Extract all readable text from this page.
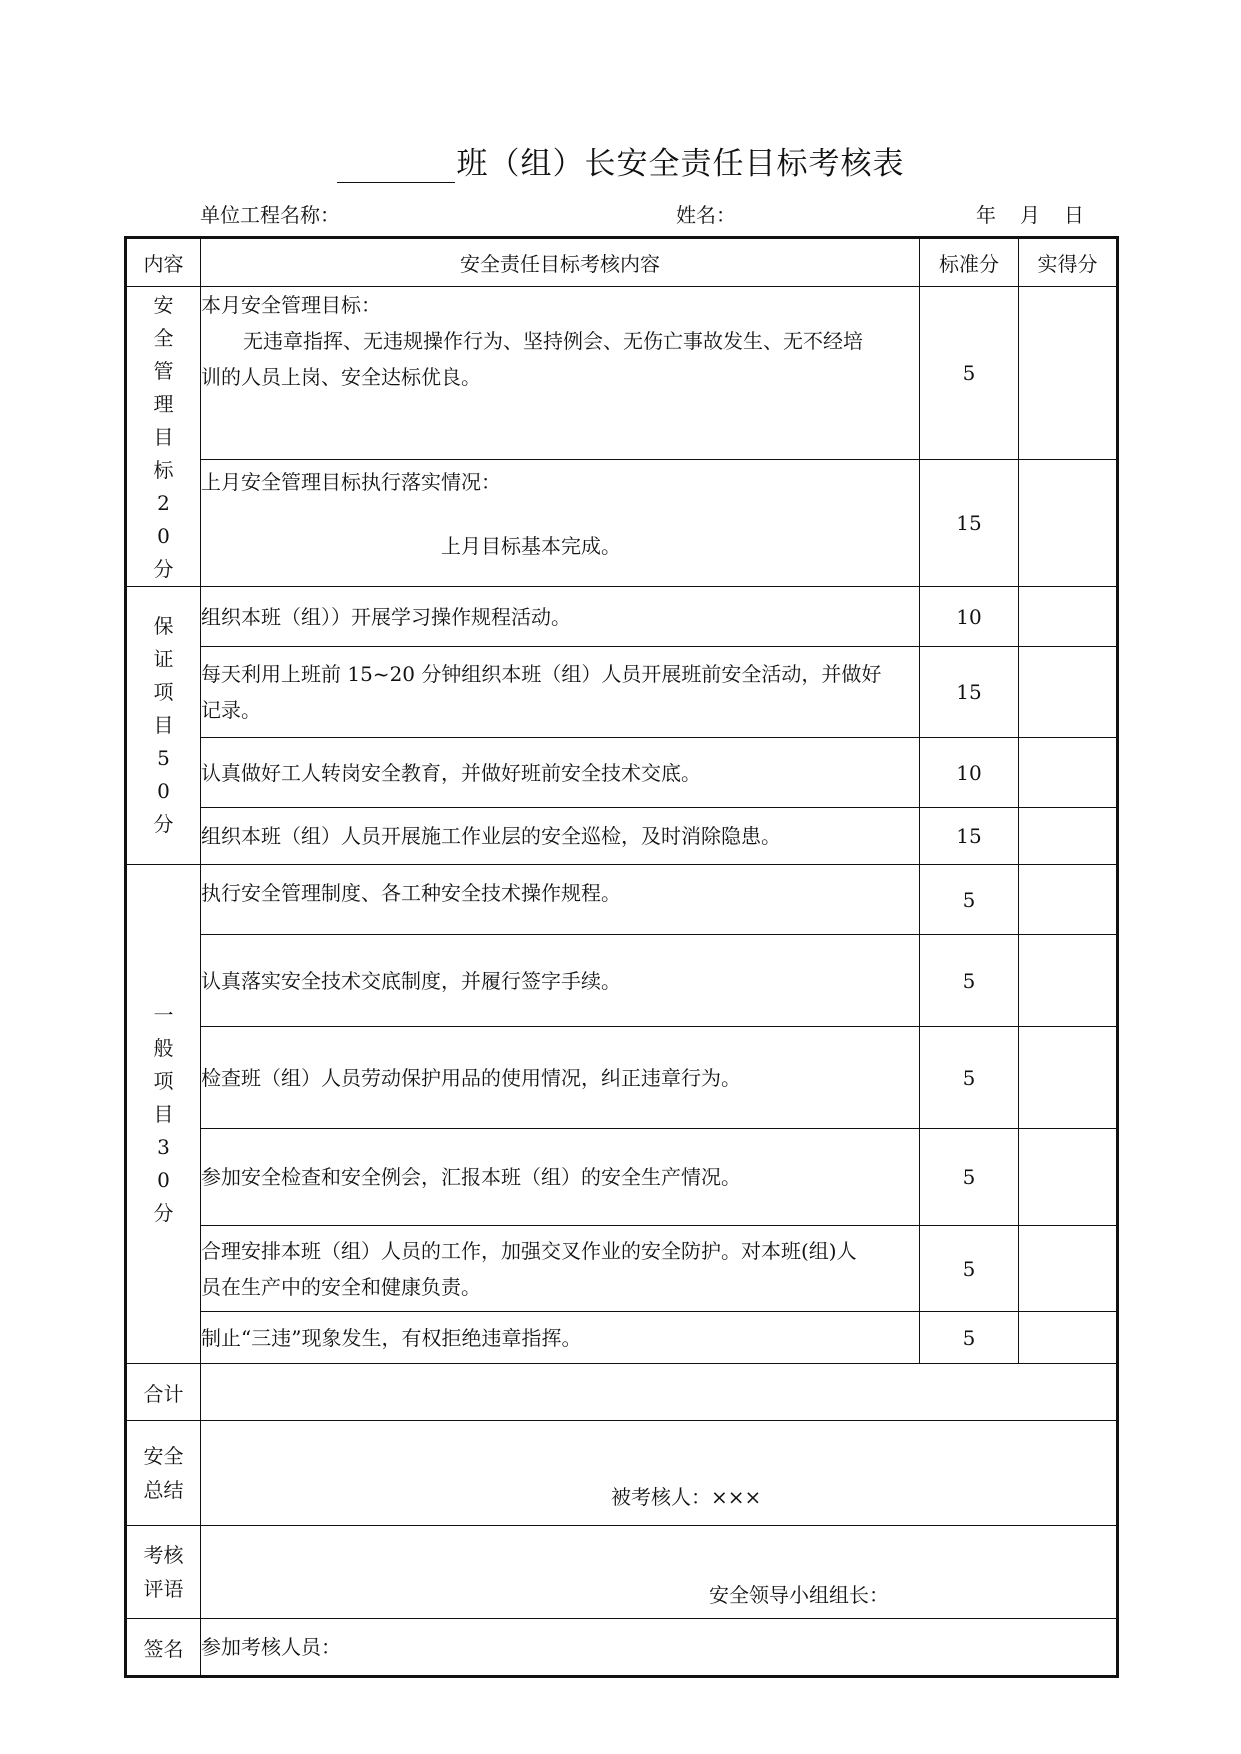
班（组）长安全责任目标考核表
单位工程名称：	姓名：	年 月 日
内容	安全责任目标考核内容	标准分	实得分

安全管理目标20分	本月安全管理目标：
无违章指挥、无违规操作行为、坚持例会、无伤亡事故发生、无不经培
训的人员上岗、安全达标优良。	5	

	上月安全管理目标执行落实情况：
上月目标基本完成。	15	

保证项目50分	组织本班（组））开展学习操作规程活动。	10	

	每天利用上班前 15~20 分钟组织本班（组）人员开展班前安全活动，并做好
记录。	15	

	认真做好工人转岗安全教育，并做好班前安全技术交底。	10	

	组织本班（组）人员开展施工作业层的安全巡检，及时消除隐患。	15	

一般项目30分	执行安全管理制度、各工种安全技术操作规程。	5	

	认真落实安全技术交底制度，并履行签字手续。	5	

	检查班（组）人员劳动保护用品的使用情况，纠正违章行为。	5	

	参加安全检查和安全例会，汇报本班（组）的安全生产情况。	5	

	合理安排本班（组）人员的工作，加强交叉作业的安全防护。对本班(组)人
员在生产中的安全和健康负责。	5	

	制止“三违”现象发生，有权拒绝违章指挥。	5	
合计			

安全
总结	被考核人：×××		

考核
评语	安全领导小组组长：		

签名	参加考核人员：		
